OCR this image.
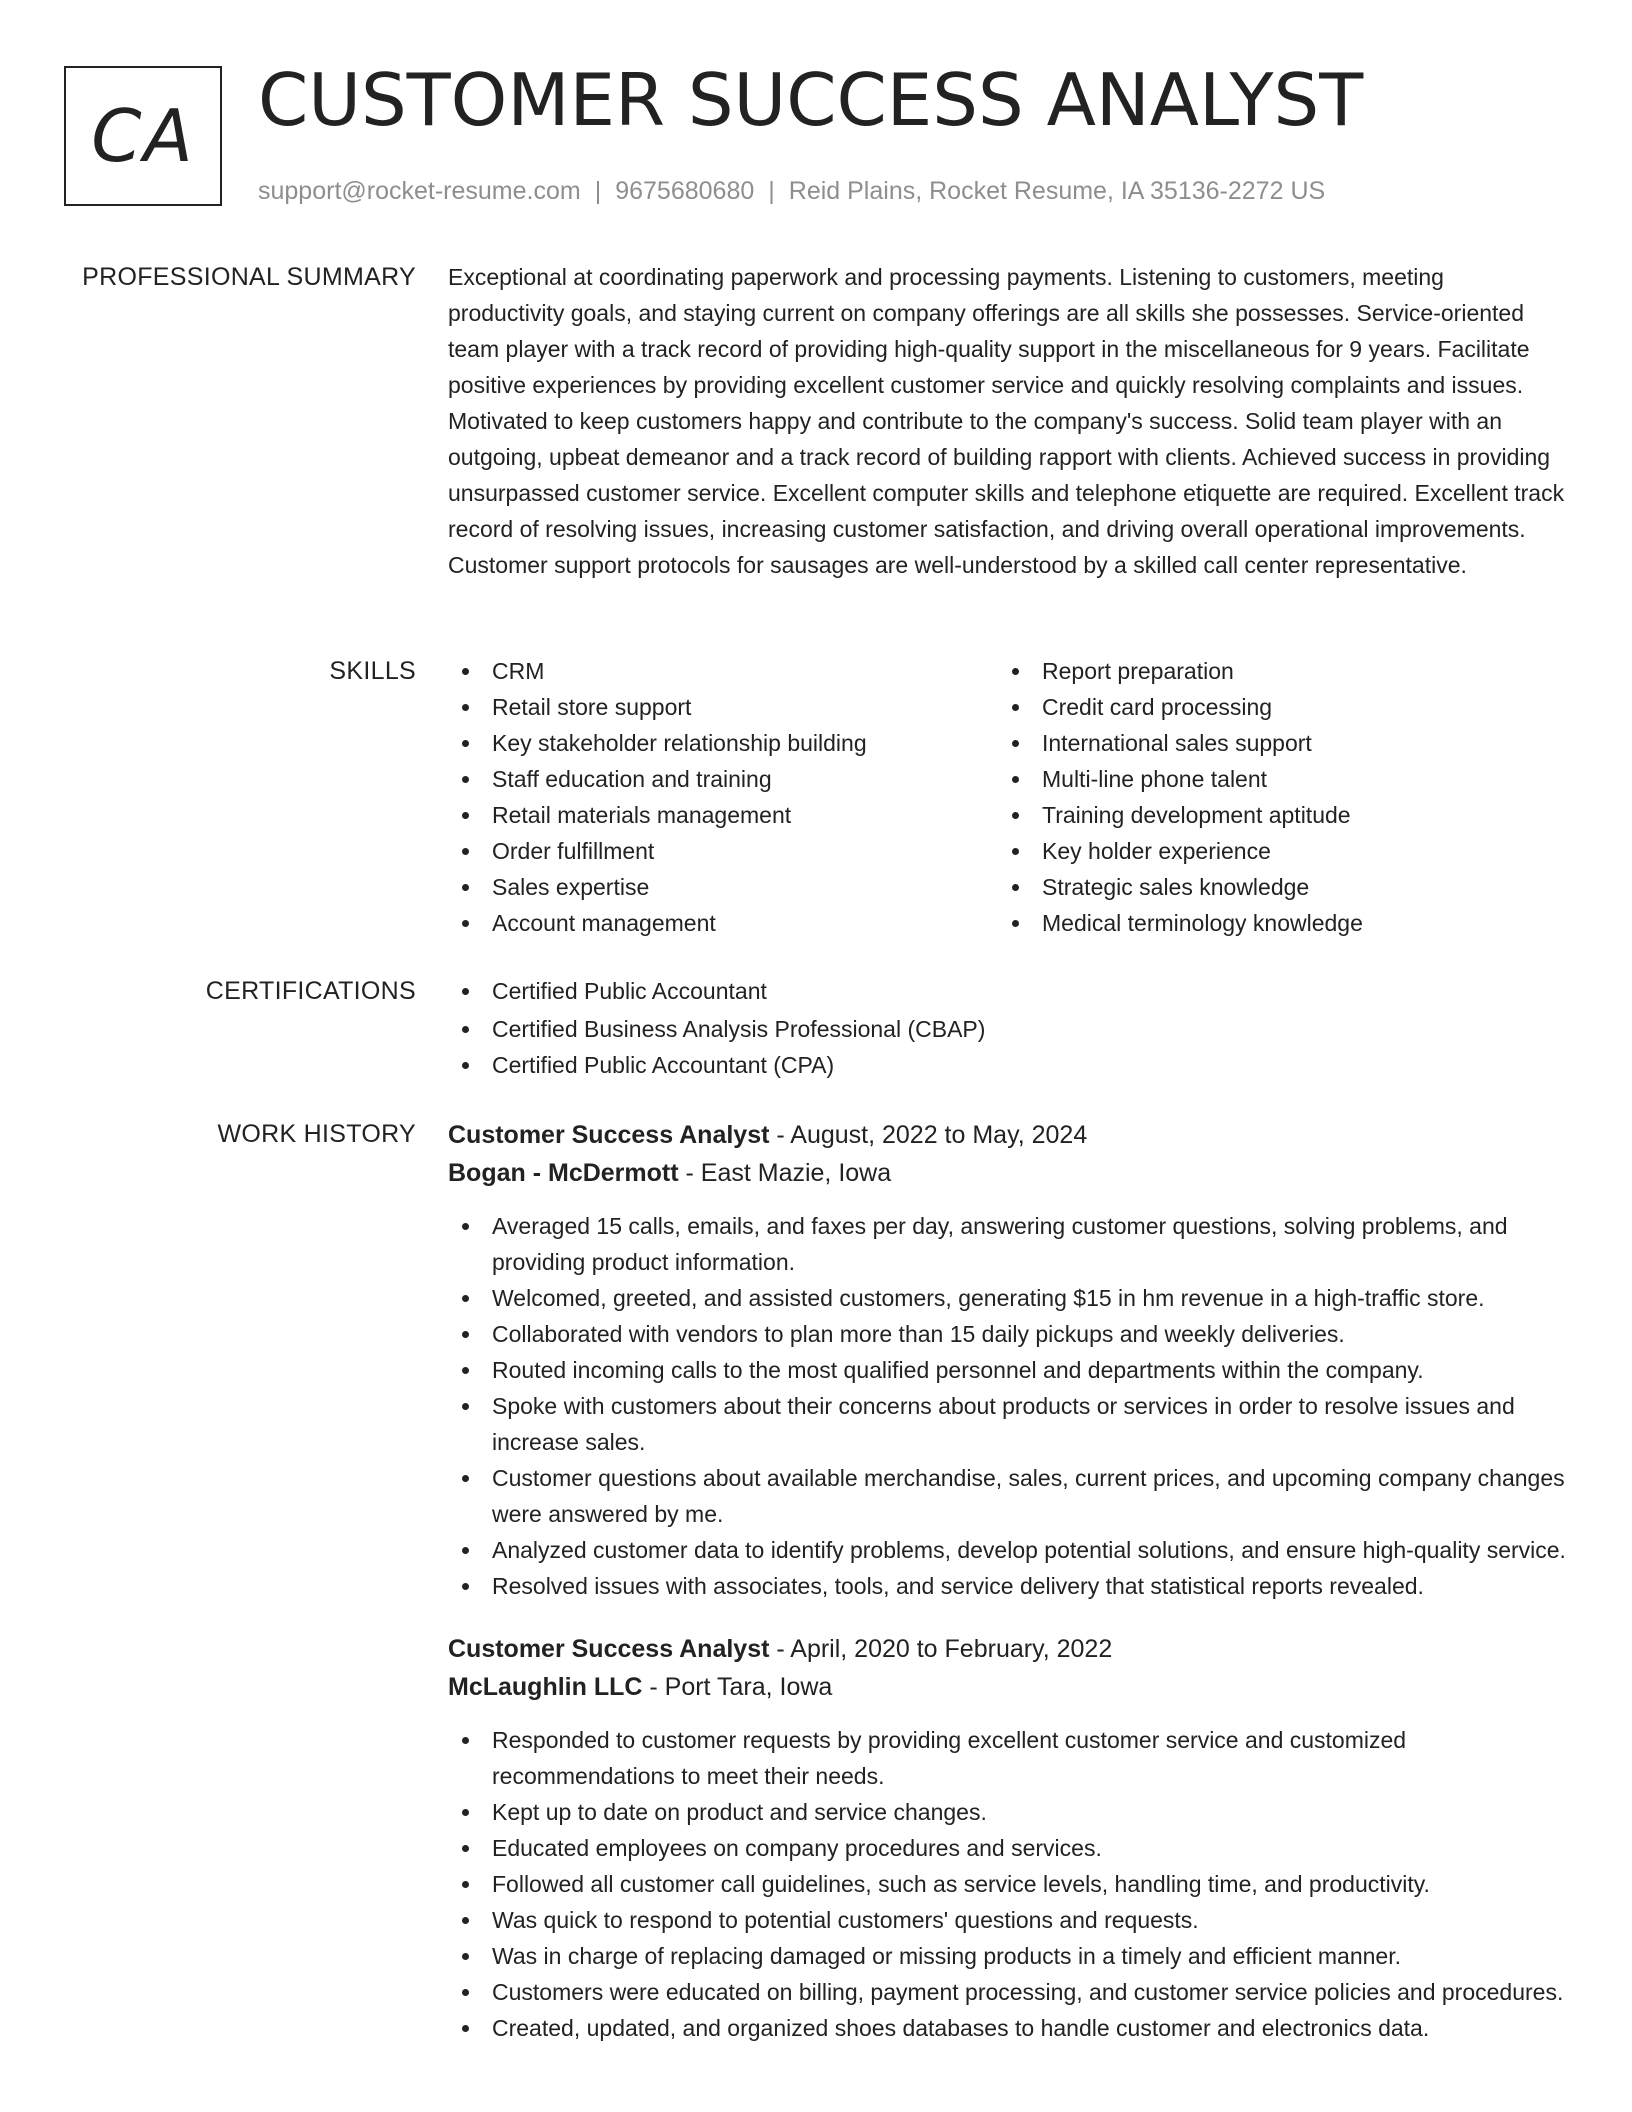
CA CUSTOMER SUCCESS ANALYST
support@rocket-resume.com | 9675680680 | Reid Plains, Rocket Resume, IA 35136-2272 US
PROFESSIONAL SUMMARY Exceptional at coordinating paperwork and processing payments. Listening to customers, meeting productivity goals, and staying current on company offerings are all skills she possesses. Service-oriented team player with a track record of providing high-quality support in the miscellaneous for 9 years. Facilitate positive experiences by providing excellent customer service and quickly resolving complaints and issues. Motivated to keep customers happy and contribute to the company's success. Solid team player with an outgoing, upbeat demeanor and a track record of building rapport with clients. Achieved success in providing unsurpassed customer service. Excellent computer skills and telephone etiquette are required. Excellent track record of resolving issues, increasing customer satisfaction, and driving overall operational improvements. Customer support protocols for sausages are well-understood by a skilled call center representative.

SKILLS	CRM
Retail store support
Key stakeholder relationship building
Staff education and training
Retail materials management
Order fulfillment
Sales expertise
Account management
Report preparation
Credit card processing
International sales support
Multi-line phone talent
Training development aptitude
Key holder experience
Strategic sales knowledge
Medical terminology knowledge
CERTIFICATIONS	Certified Public Accountant
Certified Business Analysis Professional (CBAP)
Certified Public Accountant (CPA)
WORK HISTORY Customer Success Analyst - August, 2022 to May, 2024
Bogan - McDermott - East Mazie, Iowa
Averaged 15 calls, emails, and faxes per day, answering customer questions, solving problems, and providing product information.
Welcomed, greeted, and assisted customers, generating $15 in hm revenue in a high-traffic store.
Collaborated with vendors to plan more than 15 daily pickups and weekly deliveries.
Routed incoming calls to the most qualified personnel and departments within the company.
Spoke with customers about their concerns about products or services in order to resolve issues and increase sales.
Customer questions about available merchandise, sales, current prices, and upcoming company changes were answered by me.
Analyzed customer data to identify problems, develop potential solutions, and ensure high-quality service.
Resolved issues with associates, tools, and service delivery that statistical reports revealed.
Customer Success Analyst - April, 2020 to February, 2022
McLaughlin LLC - Port Tara, Iowa
Responded to customer requests by providing excellent customer service and customized recommendations to meet their needs.
Kept up to date on product and service changes.
Educated employees on company procedures and services.
Followed all customer call guidelines, such as service levels, handling time, and productivity.
Was quick to respond to potential customers' questions and requests.
Was in charge of replacing damaged or missing products in a timely and efficient manner.
Customers were educated on billing, payment processing, and customer service policies and procedures.
Created, updated, and organized shoes databases to handle customer and electronics data.
